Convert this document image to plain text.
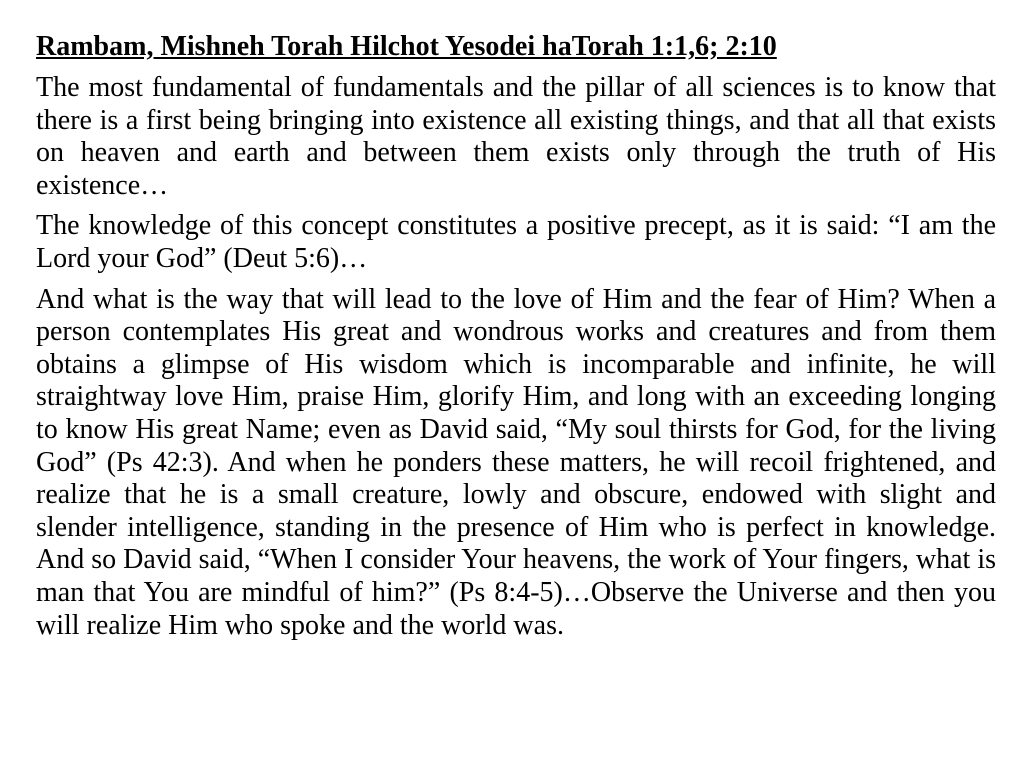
Rambam, Mishneh Torah Hilchot Yesodei haTorah 1:1,6; 2:10

The most fundamental of fundamentals and the pillar of all sciences is to know that there is a first being bringing into existence all existing things, and that all that exists on heaven and earth and between them exists only through the truth of His existence…

The knowledge of this concept constitutes a positive precept, as it is said: “I am the Lord your God” (Deut 5:6)…

And what is the way that will lead to the love of Him and the fear of Him? When a person contemplates His great and wondrous works and creatures and from them obtains a glimpse of His wisdom which is incomparable and infinite, he will straightway love Him, praise Him, glorify Him, and long with an exceeding longing to know His great Name; even as David said, “My soul thirsts for God, for the living God” (Ps 42:3). And when he ponders these matters, he will recoil frightened, and realize that he is a small creature, lowly and obscure, endowed with slight and slender intelligence, standing in the presence of Him who is perfect in knowledge. And so David said, “When I consider Your heavens, the work of Your fingers, what is man that You are mindful of him?” (Ps 8:4-5)…Observe the Universe and then you will realize Him who spoke and the world was.
